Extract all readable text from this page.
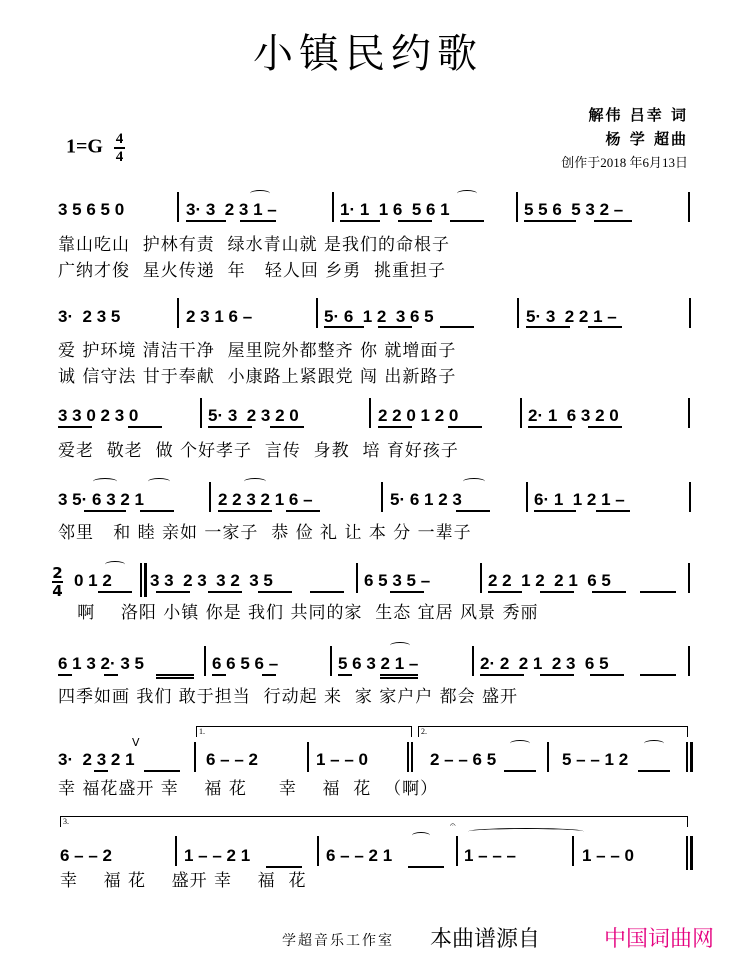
小镇民约歌
$1=G \frac{4}{4}$
解伟 吕幸 词
杨 学 超曲
创作于2018 年6月13日
3 5 6 5 0	3· 3  2 3 1 –	1· 1  1 6  5 6 1	5 5 6  5 3 2 –
靠山吃山  护林有责  绿水青山就 是我们的命根子
广纳才俊  星火传递  年   轻人回 乡勇  挑重担子
3·  2 3 5	2 3 1 6 –	5· 6  1 2  3 6 5	5· 3  2 2 1 –
爱 护环境 清洁干净  屋里院外都整齐 你 就增面子
诚 信守法 甘于奉献  小康路上紧跟党 闯 出新路子
3 3 0 2 3 0	5· 3  2 3 2 0	2 2 0 1 2 0	2· 1  6 3 2 0
爱老  敬老  做 个好孝子  言传  身教  培 育好孩子
3 5· 6 3 2 1	2 2 3 2 1 6 –	5· 6 1 2 3	6· 1  1 2 1 –
邻里   和 睦 亲如 一家子  恭 俭 礼 让 本 分 一辈子
2
4
0 1 2 3 3  2 3  3 2  3 5	6 5 3 5 –	2 2  1 2  2 1  6 5
啊    洛阳 小镇 你是 我们 共同的家  生态 宜居 风景 秀丽
6 1 3 2· 3 5	6 6 5 6 –	5 6 3 2 1 –	2· 2  2 1  2 3  6 5
四季如画 我们 敢于担当  行动起 来  家 家户户 都会 盛开
1.	2.
3·  2 3 2 1
V
6 – – 2	1 – – 0	2 – – 6 5	5 – – 1 2
幸 福花盛开 幸    福 花     幸    福  花  （啊）
3.
6 – – 2	1 – – 2 1	6 – – 2 1	1 – – –	1 – – 0
𝄐
幸    福 花    盛开 幸    福  花
学超音乐工作室 本曲谱源自	中国词曲网
